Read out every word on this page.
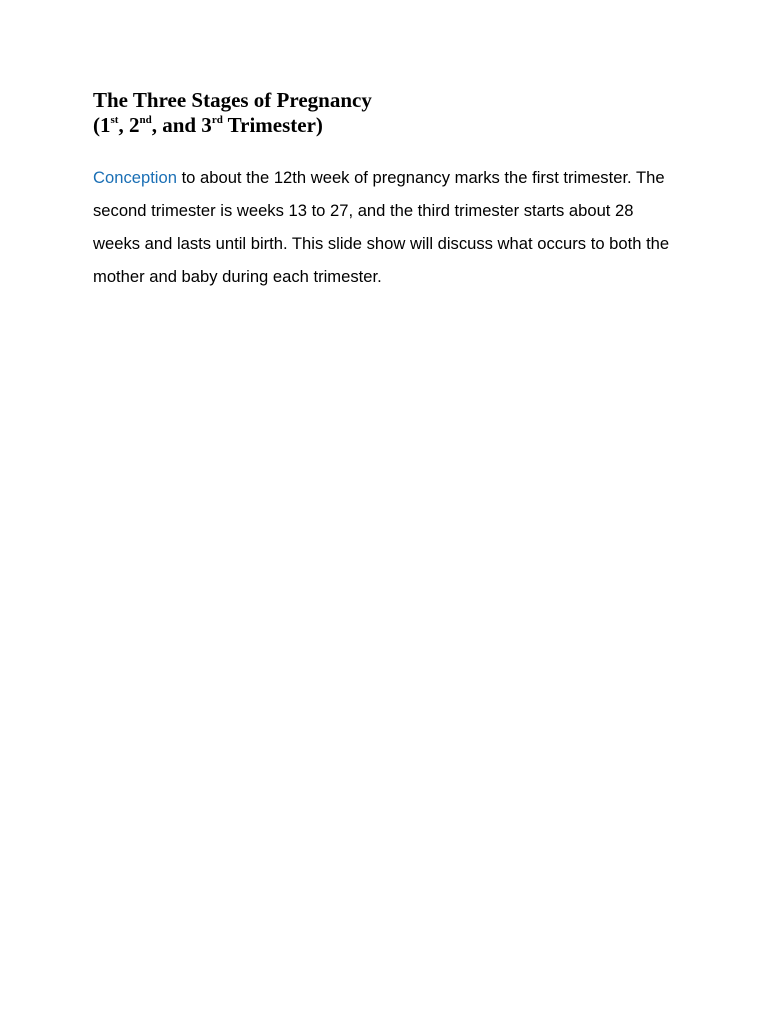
The Three Stages of Pregnancy
(1st, 2nd, and 3rd Trimester)

Conception to about the 12th week of pregnancy marks the first trimester. The second trimester is weeks 13 to 27, and the third trimester starts about 28 weeks and lasts until birth. This slide show will discuss what occurs to both the mother and baby during each trimester.
